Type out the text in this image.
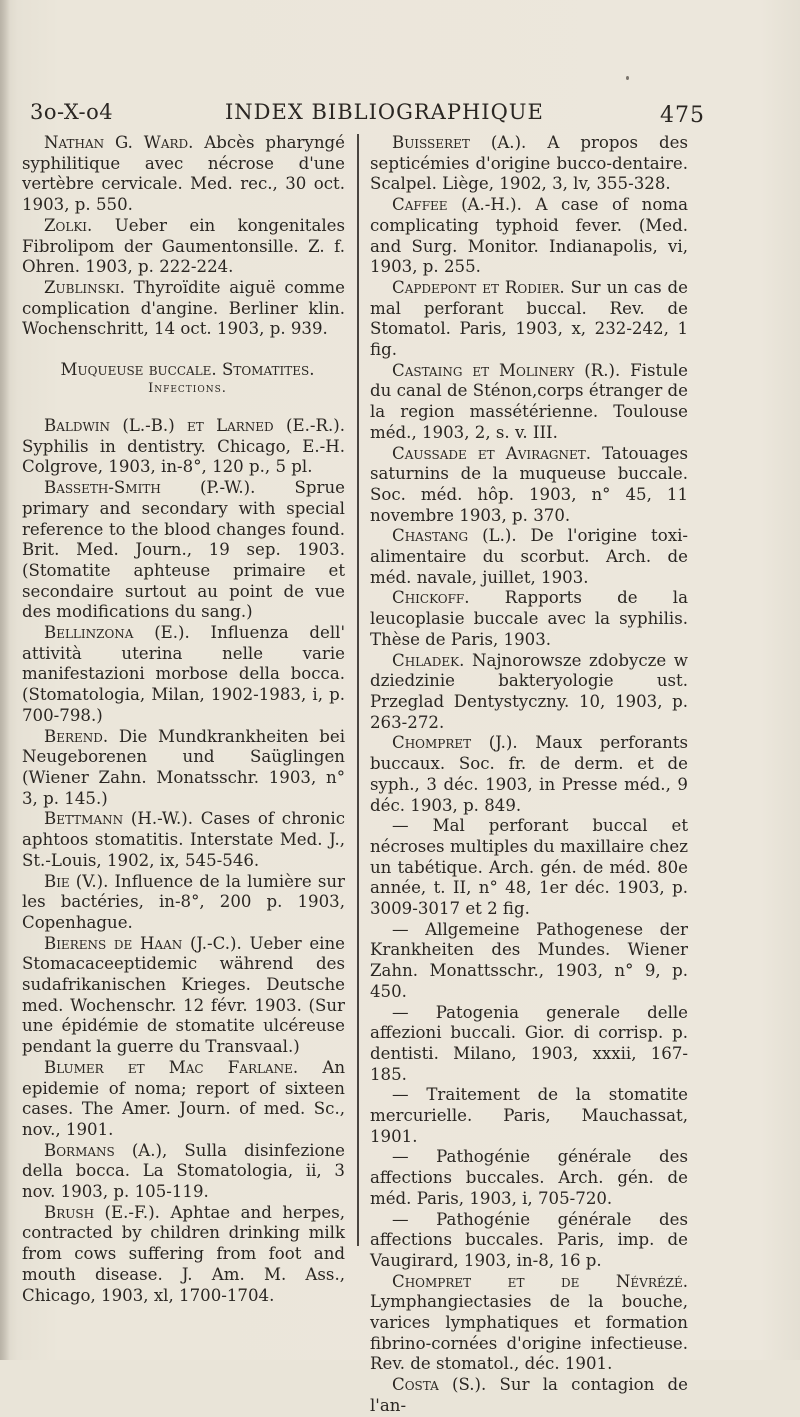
3o-X-o4	INDEX BIBLIOGRAPHIQUE	475

Nathan G. Ward. Abcès pharyngé syphilitique avec nécrose d'une vertèbre cervicale. Med. rec., 30 oct. 1903, p. 550.

Zolki. Ueber ein kongenitales Fibrolipom der Gaumentonsille. Z. f. Ohren. 1903, p. 222-224.

Zublinski. Thyroïdite aiguë comme complication d'angine. Berliner klin. Wochenschritt, 14 oct. 1903, p. 939.

Muqueuse buccale. Stomatites.
Infections.

Baldwin (L.-B.) et Larned (E.-R.). Syphilis in dentistry. Chicago, E.-H. Colgrove, 1903, in-8°, 120 p., 5 pl.

Basseth-Smith (P.-W.). Sprue primary and secondary with special reference to the blood changes found. Brit. Med. Journ., 19 sep. 1903. (Stomatite aphteuse primaire et secondaire surtout au point de vue des modifications du sang.)

Bellinzona (E.). Influenza dell' attività uterina nelle varie manifestazioni morbose della bocca. (Stomatologia, Milan, 1902-1983, i, p. 700-798.)

Berend. Die Mundkrankheiten bei Neugeborenen und Saüglingen (Wiener Zahn. Monatsschr. 1903, n° 3, p. 145.)

Bettmann (H.-W.). Cases of chronic aphtoos stomatitis. Interstate Med. J., St.-Louis, 1902, ix, 545-546.

Bie (V.). Influence de la lumière sur les bactéries, in-8°, 200 p. 1903, Copenhague.

Bierens de Haan (J.-C.). Ueber eine Stomacaceeptidemic während des sudafrikanischen Krieges. Deutsche med. Wochenschr. 12 févr. 1903. (Sur une épidémie de stomatite ulcéreuse pendant la guerre du Transvaal.)

Blumer et Mac Farlane. An epidemie of noma; report of sixteen cases. The Amer. Journ. of med. Sc., nov., 1901.

Bormans (A.), Sulla disinfezione della bocca. La Stomatologia, ii, 3 nov. 1903, p. 105-119.

Brush (E.-F.). Aphtae and herpes, contracted by children drinking milk from cows suffering from foot and mouth disease. J. Am. M. Ass., Chicago, 1903, xl, 1700-1704.

Buisseret (A.). A propos des septicémies d'origine bucco-dentaire. Scalpel. Liège, 1902, 3, lv, 355-328.

Caffee (A.-H.). A case of noma complicating typhoid fever. (Med. and Surg. Monitor. Indianapolis, vi, 1903, p. 255.

Capdepont et Rodier. Sur un cas de mal perforant buccal. Rev. de Stomatol. Paris, 1903, x, 232-242, 1 fig.

Castaing et Molinery (R.). Fistule du canal de Sténon,corps étranger de la region massétérienne. Toulouse méd., 1903, 2, s. v. III.

Caussade et Aviragnet. Tatouages saturnins de la muqueuse buccale. Soc. méd. hôp. 1903, n° 45, 11 novembre 1903, p. 370.

Chastang (L.). De l'origine toxi-alimentaire du scorbut. Arch. de méd. navale, juillet, 1903.

Chickoff. Rapports de la leucoplasie buccale avec la syphilis. Thèse de Paris, 1903.

Chladek. Najnorowsze zdobycze w dziedzinie bakteryologie ust. Przeglad Dentystyczny. 10, 1903, p. 263-272.

Chompret (J.). Maux perforants buccaux. Soc. fr. de derm. et de syph., 3 déc. 1903, in Presse méd., 9 déc. 1903, p. 849.

— Mal perforant buccal et nécroses multiples du maxillaire chez un tabétique. Arch. gén. de méd. 80e année, t. II, n° 48, 1er déc. 1903, p. 3009-3017 et 2 fig.

— Allgemeine Pathogenese der Krankheiten des Mundes. Wiener Zahn. Monattsschr., 1903, n° 9, p. 450.

— Patogenia generale delle affezioni buccali. Gior. di corrisp. p. dentisti. Milano, 1903, xxxii, 167-185.

— Traitement de la stomatite mercurielle. Paris, Mauchassat, 1901.

— Pathogénie générale des affections buccales. Arch. gén. de méd. Paris, 1903, i, 705-720.

— Pathogénie générale des affections buccales. Paris, imp. de Vaugirard, 1903, in-8, 16 p.

Chompret et de Névrézé. Lymphangiectasies de la bouche, varices lymphatiques et formation fibrino-cornées d'origine infectieuse. Rev. de stomatol., déc. 1901.

Costa (S.). Sur la contagion de l'an-
